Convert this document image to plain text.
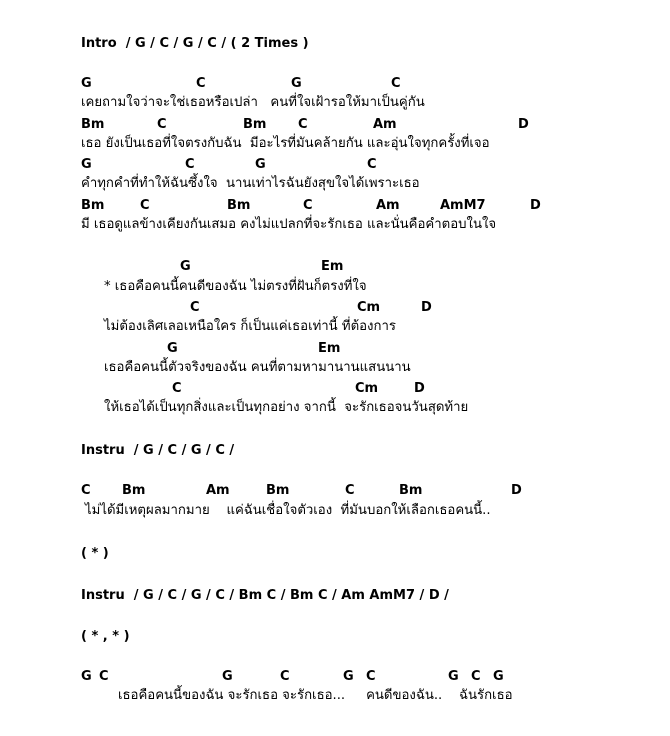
Intro  / G / C / G / C / ( 2 Times )
G	C	G	C
เคยถามใจว่าจะใช่เธอหรือเปล่า   คนที่ใจเฝ้ารอให้มาเป็นคู่กัน
Bm	C	Bm C	Am	D
เธอ ยังเป็นเธอที่ใจตรงกับฉัน  มีอะไรที่มันคล้ายกัน และอุ่นใจทุกครั้งที่เจอ
G	C	G	C
คำทุกคำที่ทำให้ฉันซึ้งใจ  นานเท่าไรฉันยังสุขใจได้เพราะเธอ
Bm	C	Bm	C	Am	AmM7	D
มี เธอดูแลข้างเคียงกันเสมอ คงไม่แปลกที่จะรักเธอ และนั่นคือคำตอบในใจ
G	Em
* เธอคือคนนี้คนดีของฉัน ไม่ตรงที่ฝันก็ตรงที่ใจ
C	Cm	D
ไม่ต้องเลิศเลอเหนือใคร ก็เป็นแค่เธอเท่านี้ ที่ต้องการ
G	Em
เธอคือคนนี้ตัวจริงของฉัน คนที่ตามหามานานแสนนาน
C	Cm	D
ให้เธอได้เป็นทุกสิ่งและเป็นทุกอย่าง จากนี้  จะรักเธอจนวันสุดท้าย
Instru  / G / C / G / C /
C Bm	Am	Bm	C	Bm	D
ไม่ได้มีเหตุผลมากมาย    แค่ฉันเชื่อใจตัวเอง  ที่มันบอกให้เลือกเธอคนนี้..
( * )
Instru  / G / C / G / C / Bm C / Bm C / Am AmM7 / D /
( * , * )
G C	G	C	G C	G C G
เธอคือคนนี้ของฉัน จะรักเธอ จะรักเธอ...     คนดีของฉัน..    ฉันรักเธอ
